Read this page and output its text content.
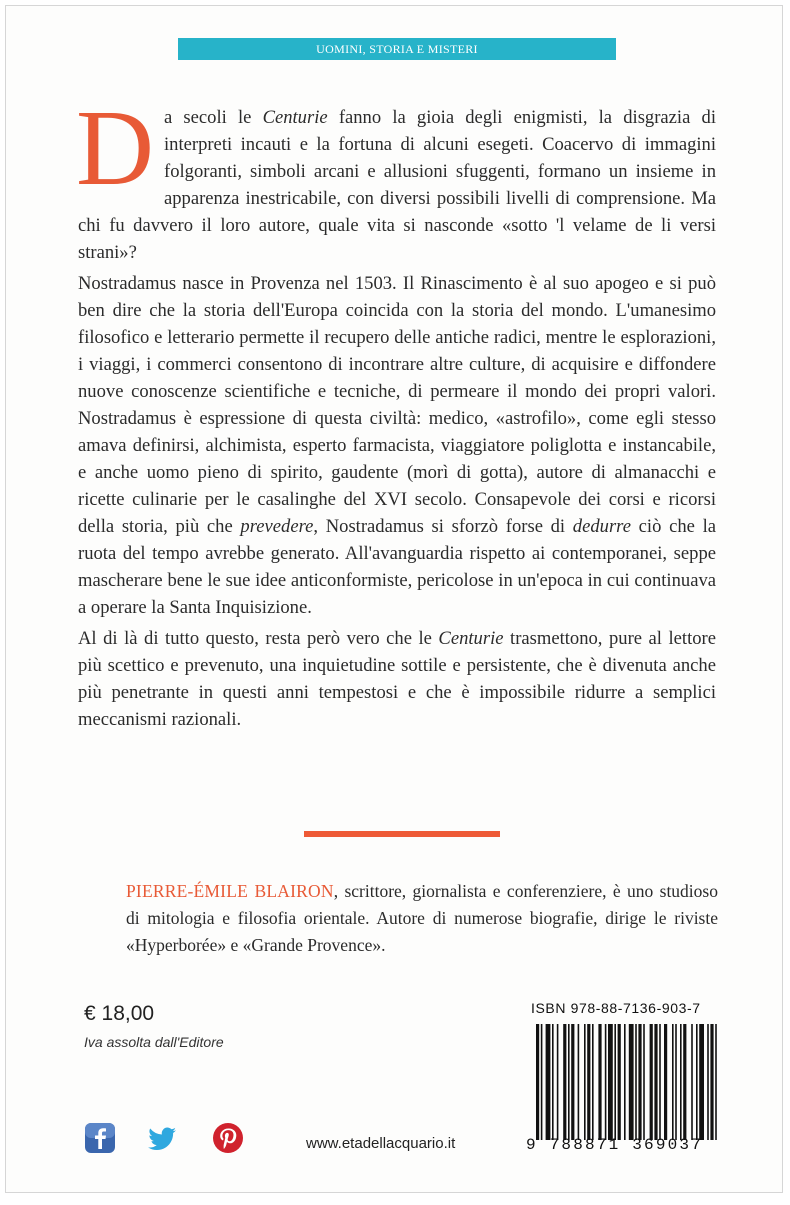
UOMINI, STORIA E MISTERI

Da secoli le Centurie fanno la gioia degli enigmisti, la disgrazia di interpreti incauti e la fortuna di alcuni esegeti. Coacervo di immagini folgoranti, simboli arcani e allusioni sfuggenti, formano un insieme in apparenza inestricabile, con diversi possibili livelli di comprensione. Ma chi fu davvero il loro autore, quale vita si nasconde «sotto 'l velame de li versi strani»?

Nostradamus nasce in Provenza nel 1503. Il Rinascimento è al suo apogeo e si può ben dire che la storia dell'Europa coincida con la storia del mondo. L'umanesimo filosofico e letterario permette il recupero delle antiche radici, mentre le esplorazioni, i viaggi, i commerci consentono di incontrare altre culture, di acquisire e diffondere nuove conoscenze scientifiche e tecniche, di permeare il mondo dei propri valori. Nostradamus è espressione di questa civiltà: medico, «astrofilo», come egli stesso amava definirsi, alchimista, esperto farmacista, viaggiatore poliglotta e instancabile, e anche uomo pieno di spirito, gaudente (morì di gotta), autore di almanacchi e ricette culinarie per le casalinghe del XVI secolo. Consapevole dei corsi e ricorsi della storia, più che prevedere, Nostradamus si sforzò forse di dedurre ciò che la ruota del tempo avrebbe generato. All'avanguardia rispetto ai contemporanei, seppe mascherare bene le sue idee anticonformiste, pericolose in un'epoca in cui continuava a operare la Santa Inquisizione.

Al di là di tutto questo, resta però vero che le Centurie trasmettono, pure al lettore più scettico e prevenuto, una inquietudine sottile e persistente, che è divenuta anche più penetrante in questi anni tempestosi e che è impossibile ridurre a semplici meccanismi razionali.

PIERRE-ÉMILE BLAIRON, scrittore, giornalista e conferenziere, è uno studioso di mitologia e filosofia orientale. Autore di numerose biografie, dirige le riviste «Hyperborée» e «Grande Provence».
€ 18,00
Iva assolta dall'Editore
ISBN 978-88-7136-903-7
9 788871 369037
www.etadellacquario.it
